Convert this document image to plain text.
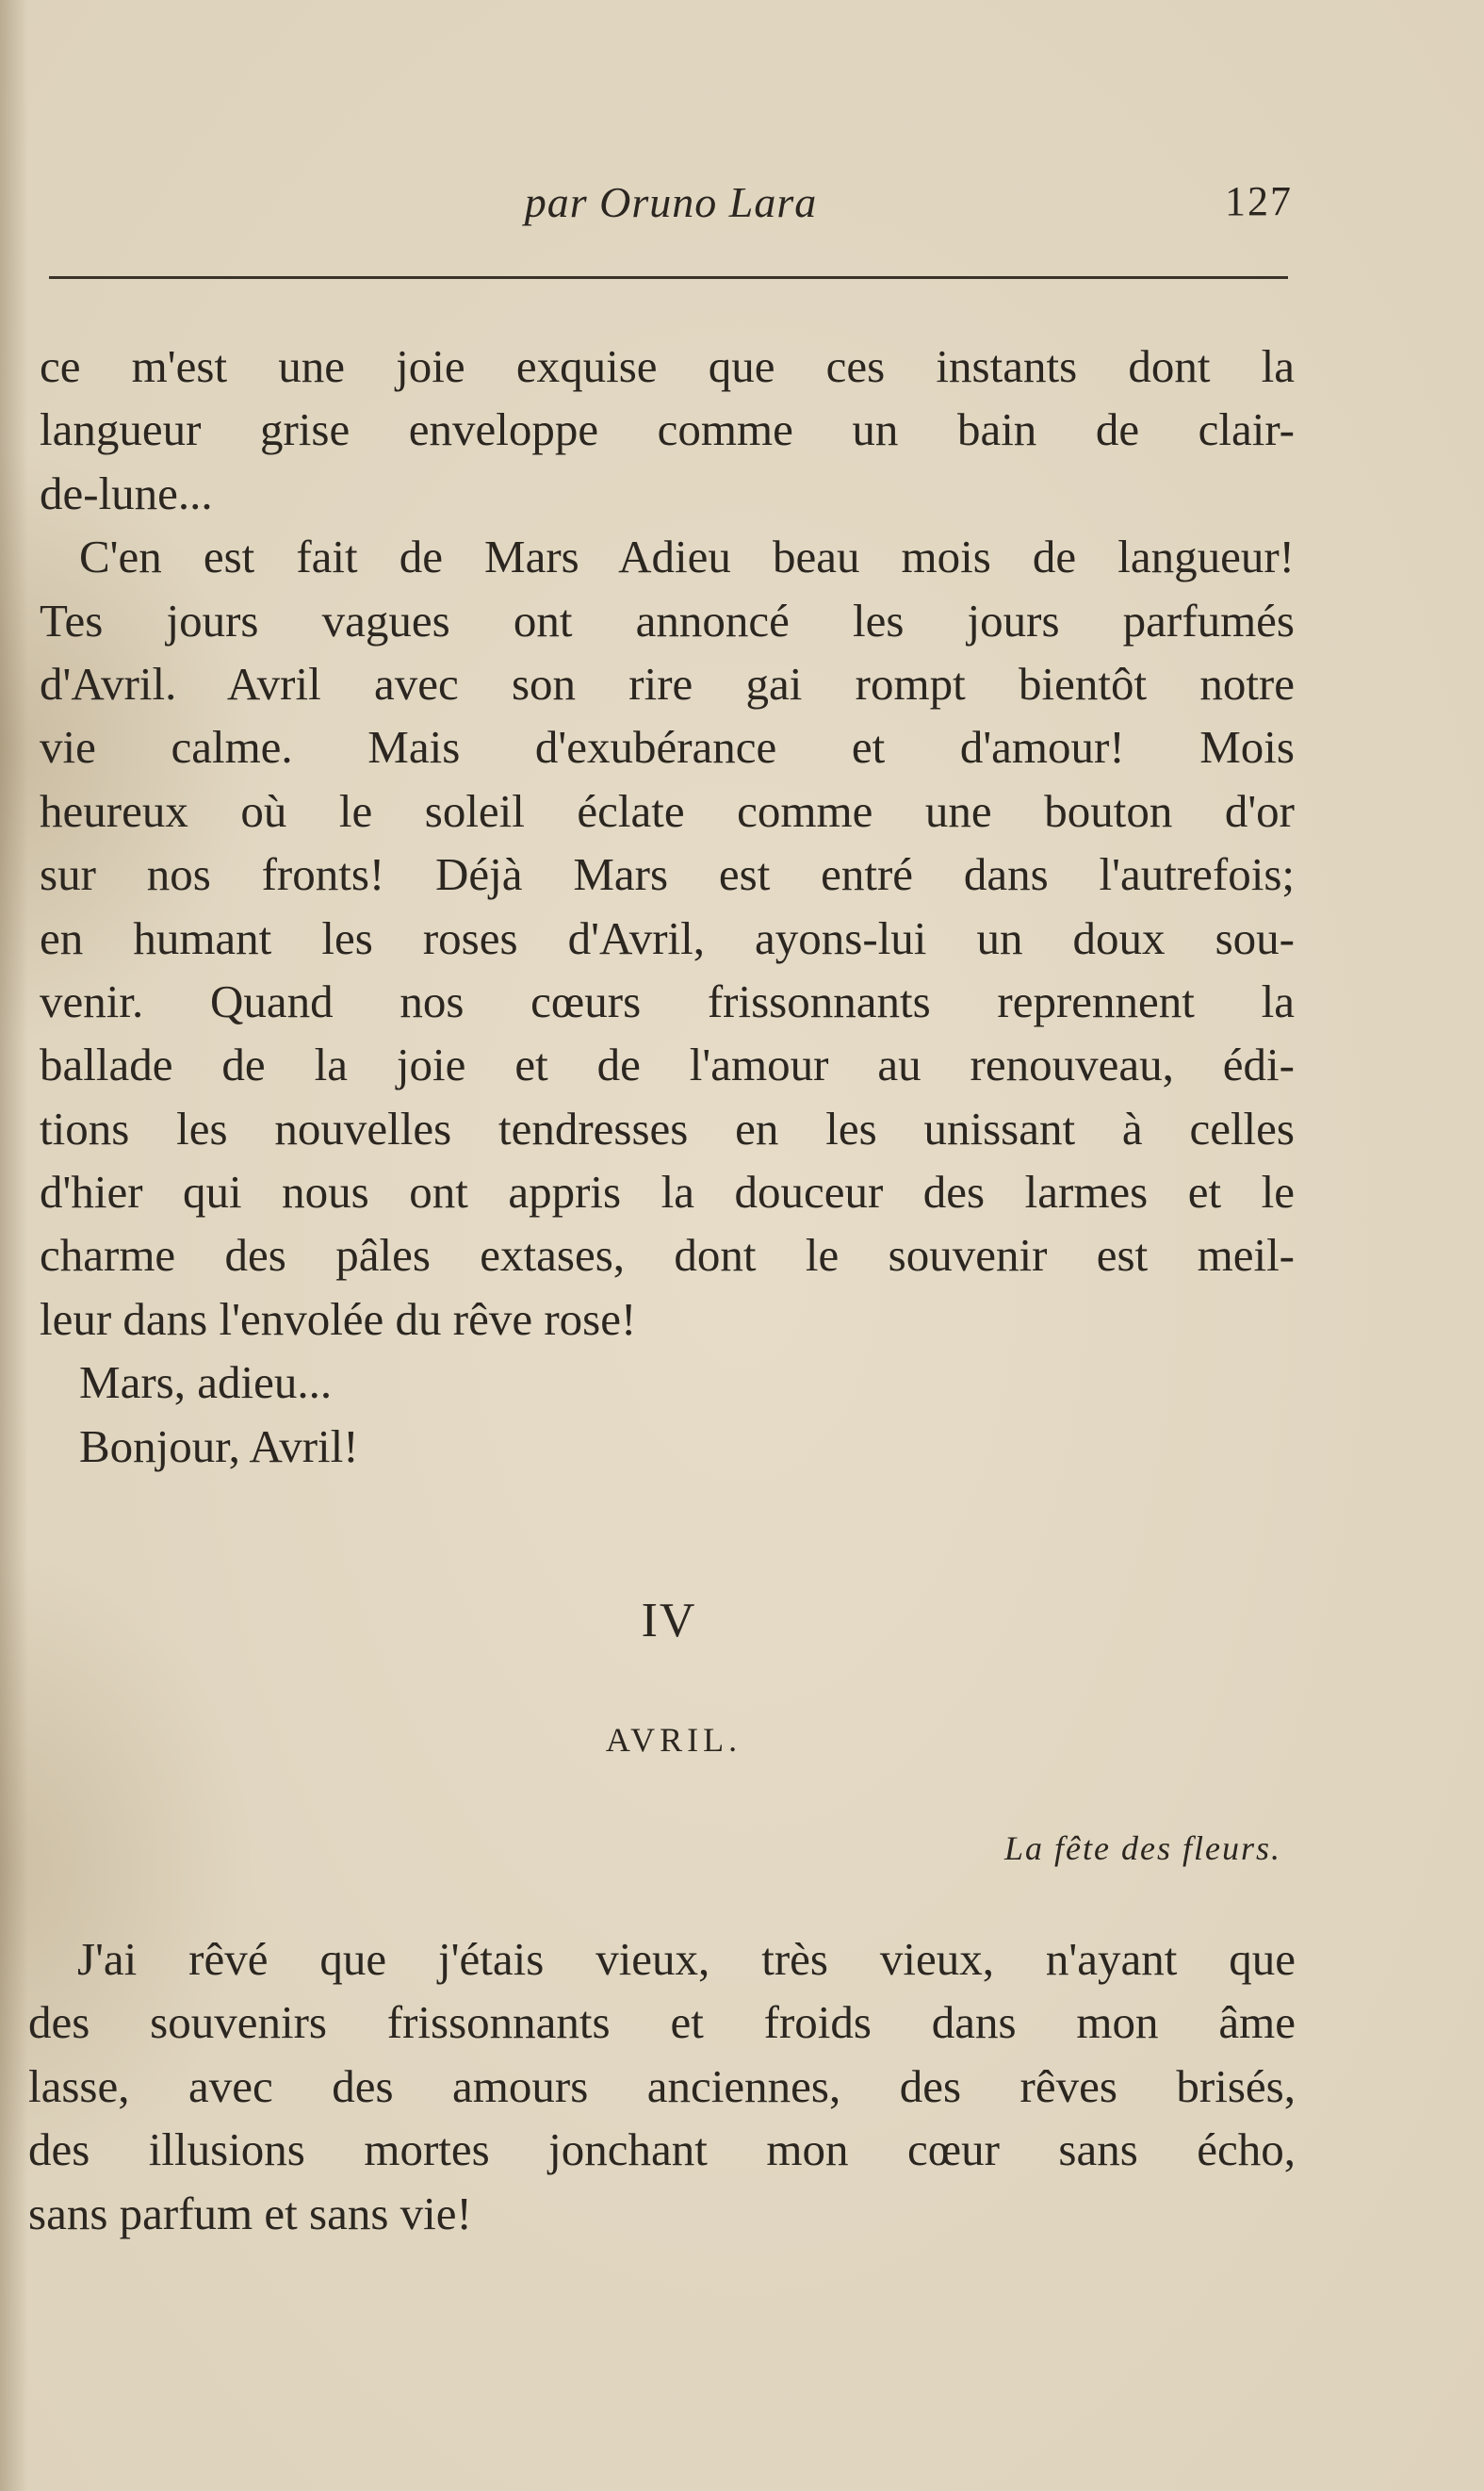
par Oruno Lara	127
ce m'est une joie exquise que ces instants dont la
langueur grise enveloppe comme un bain de clair-
de-lune...
C'en est fait de Mars Adieu beau mois de langueur!
Tes jours vagues ont annoncé les jours parfumés
d'Avril. Avril avec son rire gai rompt bientôt notre
vie calme. Mais d'exubérance et d'amour! Mois
heureux où le soleil éclate comme une bouton d'or
sur nos fronts! Déjà Mars est entré dans l'autrefois;
en humant les roses d'Avril, ayons-lui un doux sou-
venir. Quand nos cœurs frissonnants reprennent la
ballade de la joie et de l'amour au renouveau, édi-
tions les nouvelles tendresses en les unissant à celles
d'hier qui nous ont appris la douceur des larmes et le
charme des pâles extases, dont le souvenir est meil-
leur dans l'envolée du rêve rose!
Mars, adieu...
Bonjour, Avril!
IV
AVRIL.
La fête des fleurs.
J'ai rêvé que j'étais vieux, très vieux, n'ayant que
des souvenirs frissonnants et froids dans mon âme
lasse, avec des amours anciennes, des rêves brisés,
des illusions mortes jonchant mon cœur sans écho,
sans parfum et sans vie!
